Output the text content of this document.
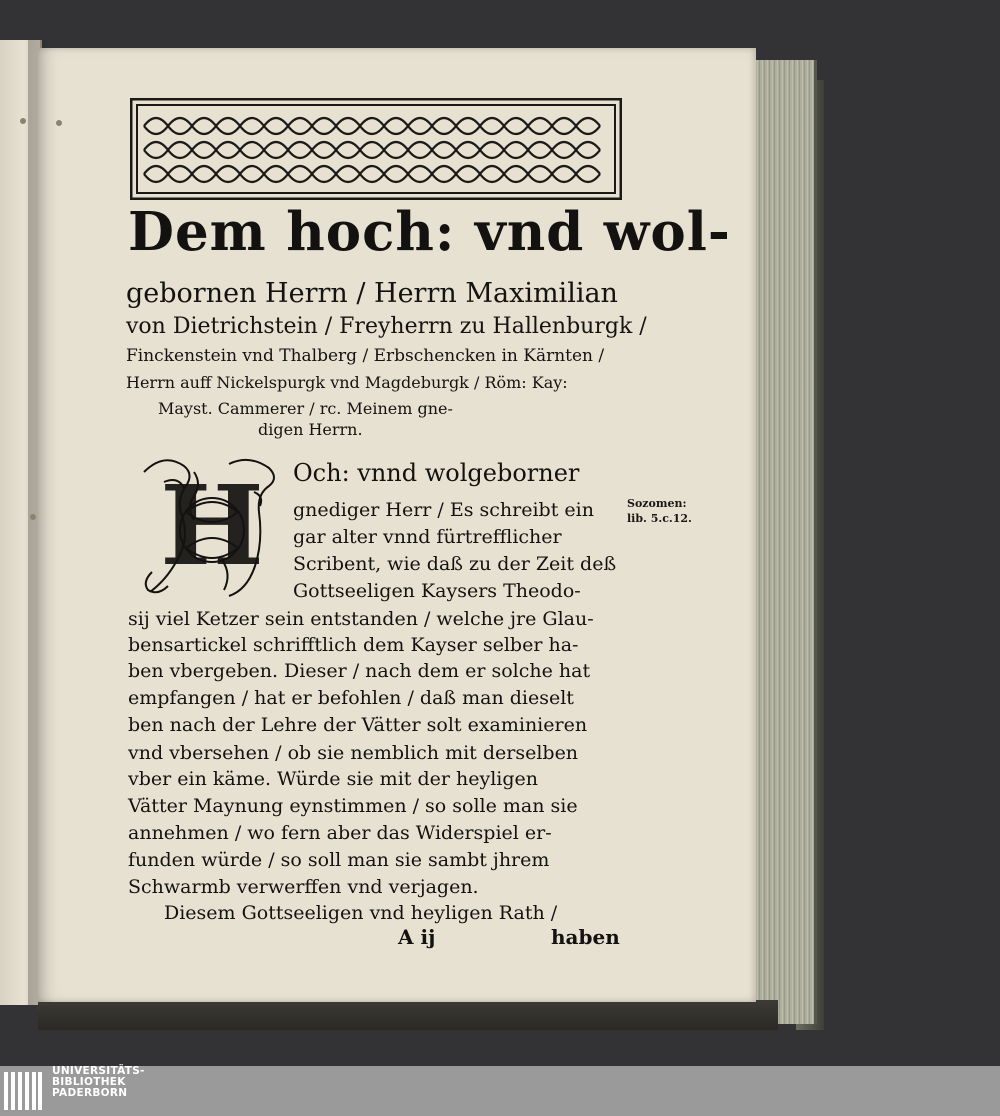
Dem hoch: vnd wol-

gebornen Herrn / Herrn Maximilian

von Dietrichstein / Freyherrn zu Hallenburgk /

Finckenstein vnd Thalberg / Erbschencken in Kärnten /

Herrn auff Nickelspurgk vnd Magdeburgk / Röm: Kay:

Mayst. Cammerer / rc. Meinem gne-

digen Herrn.

H Och: vnnd wolgeborner
gnediger Herr / Es schreibt ein
gar alter vnnd fürtrefflicher
Scribent, wie daß zu der Zeit deß
Gottseeligen Kaysers Theodo-
sij viel Ketzer sein entstanden / welche jre Glau-
bensartickel schrifftlich dem Kayser selber ha-
ben vbergeben. Dieser / nach dem er solche hat
empfangen / hat er befohlen / daß man dieselt
ben nach der Lehre der Vätter solt examinieren
vnd vbersehen / ob sie nemblich mit derselben
vber ein käme. Würde sie mit der heyligen
Vätter Maynung eynstimmen / so solle man sie
annehmen / wo fern aber das Widerspiel er-
funden würde / so soll man sie sambt jhrem
Schwarmb verwerffen vnd verjagen.
Diesem Gottseeligen vnd heyligen Rath /

Sozomen:
lib. 5.c.12.

A ij	haben

UNIVERSITÄTS-
BIBLIOTHEK
PADERBORN
